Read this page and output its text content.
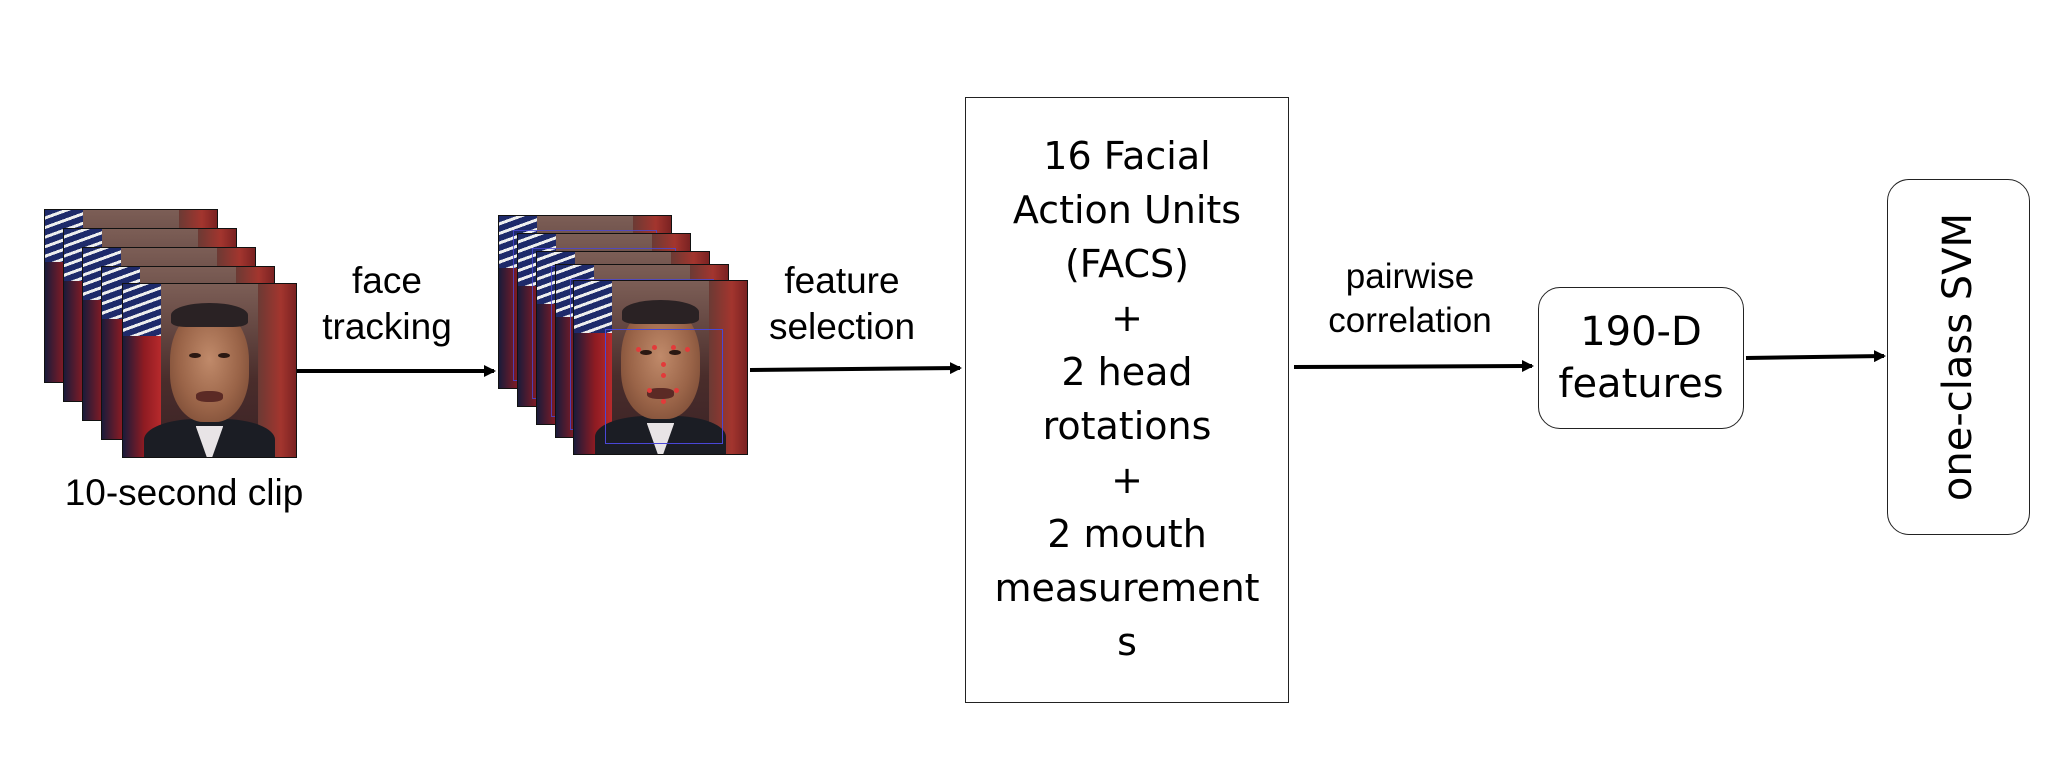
10-second clip
face
tracking
feature
selection
16 Facial
Action Units
(FACS)
+
2 head
rotations
+
2 mouth
measurement
s
pairwise
correlation	190-D
features	one-class SVM
